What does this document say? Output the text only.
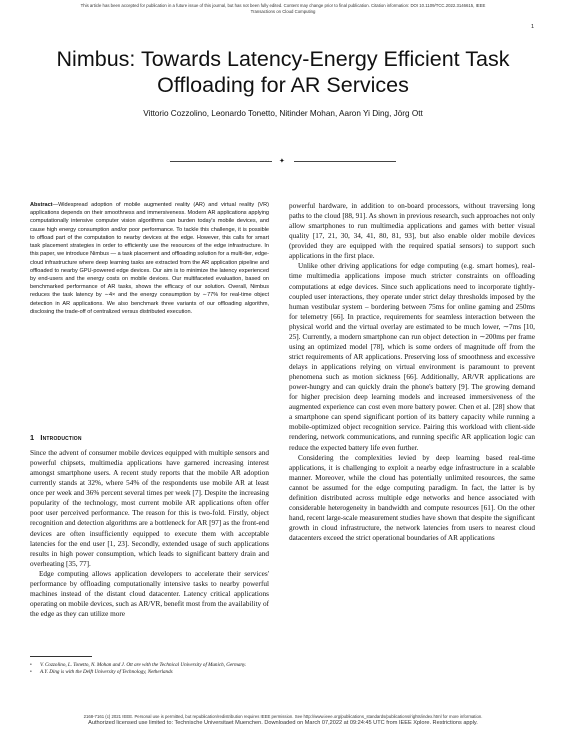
This article has been accepted for publication in a future issue of this journal, but has not been fully edited. Content may change prior to final publication. Citation information: DOI 10.1109/TCC.2022.3146615, IEEE
Transactions on Cloud Computing
1
Nimbus: Towards Latency-Energy Efficient Task
Offloading for AR Services
Vittorio Cozzolino, Leonardo Tonetto, Nitinder Mohan, Aaron Yi Ding, Jörg Ott
✦
Abstract—Widespread adoption of mobile augmented reality (AR) and virtual reality (VR) applications depends on their smoothness and immersiveness. Modern AR applications applying computationally intensive computer vision algorithms can burden today's mobile devices, and cause high energy consumption and/or poor performance. To tackle this challenge, it is possible to offload part of the computation to nearby devices at the edge. However, this calls for smart task placement strategies in order to efficiently use the resources of the edge infrastructure. In this paper, we introduce Nimbus — a task placement and offloading solution for a multi-tier, edge-cloud infrastructure where deep learning tasks are extracted from the AR application pipeline and offloaded to nearby GPU-powered edge devices. Our aim is to minimize the latency experienced by end-users and the energy costs on mobile devices. Our multifaceted evaluation, based on benchmarked performance of AR tasks, shows the efficacy of our solution. Overall, Nimbus reduces the task latency by ∼4× and the energy consumption by ∼77% for real-time object detection in AR applications. We also benchmark three variants of our offloading algorithm, disclosing the trade-off of centralized versus distributed execution.

1 Introduction

Since the advent of consumer mobile devices equipped with multiple sensors and powerful chipsets, multimedia applications have garnered increasing interest amongst smartphone users. A recent study reports that the mobile AR adoption currently stands at 32%, where 54% of the respondents use mobile AR at least once per week and 36% percent several times per week [7]. Despite the increasing popularity of the technology, most current mobile AR applications often offer poor user perceived performance. The reason for this is two-fold. Firstly, object recognition and detection algorithms are a bottleneck for AR [97] as the front-end devices are often insufficiently equipped to execute them with acceptable latencies for the end user [1, 23]. Secondly, extended usage of such applications results in high power consumption, which leads to significant battery drain and overheating [35, 77].

Edge computing allows application developers to accelerate their services' performance by offloading computationally intensive tasks to nearby powerful machines instead of the distant cloud datacenter. Latency critical applications operating on mobile devices, such as AR/VR, benefit most from the availability of the edge as they can utilize more

• V. Cozzolino, L. Tonetto, N. Mohan and J. Ott are with the Technical University of Munich, Germany.
• A.Y. Ding is with the Delft University of Technology, Netherlands

powerful hardware, in addition to on-board processors, without traversing long paths to the cloud [88, 91]. As shown in previous research, such approaches not only allow smartphones to run multimedia applications and games with better visual quality [17, 21, 30, 34, 41, 80, 81, 93], but also enable older mobile devices (provided they are equipped with the required spatial sensors) to support such applications in the first place.

Unlike other driving applications for edge computing (e.g. smart homes), real-time multimedia applications impose much stricter constraints on offloading computations at edge devices. Since such applications need to incorporate tightly-coupled user interactions, they operate under strict delay thresholds imposed by the human vestibular system – bordering between 75ms for online gaming and 250ms for telemetry [66]. In practice, requirements for seamless interaction between the physical world and the virtual overlay are estimated to be much lower, ∼7ms [10, 25]. Currently, a modern smartphone can run object detection in ∼200ms per frame using an optimized model [78], which is some orders of magnitude off from the strict requirements of AR applications. Preserving loss of smoothness and excessive delays in applications relying on virtual environment is paramount to prevent phenomena such as motion sickness [66]. Additionally, AR/VR applications are power-hungry and can quickly drain the phone's battery [9]. The growing demand for higher precision deep learning models and increased immersiveness of the augmented experience can cost even more battery power. Chen et al. [28] show that a smartphone can spend significant portion of its battery capacity while running a mobile-optimized object recognition service. Pairing this workload with client-side rendering, network communications, and running specific AR application logic can reduce the expected battery life even further.

Considering the complexities levied by deep learning based real-time applications, it is challenging to exploit a nearby edge infrastructure in a scalable manner. Moreover, while the cloud has potentially unlimited resources, the same cannot be assumed for the edge computing paradigm. In fact, the latter is by definition distributed across multiple edge networks and hence associated with considerable heterogeneity in bandwidth and compute resources [61]. On the other hand, recent large-scale measurement studies have shown that despite the significant growth in cloud infrastructure, the network latencies from users to nearest cloud datacenters exceed the strict operational boundaries of AR applications

2168-7161 (c) 2021 IEEE. Personal use is permitted, but republication/redistribution requires IEEE permission. See http://www.ieee.org/publications_standards/publications/rights/index.html for more information.
Authorized licensed use limited to: Technische Universitaet Muenchen. Downloaded on March 07,2022 at 09:24:45 UTC from IEEE Xplore. Restrictions apply.
